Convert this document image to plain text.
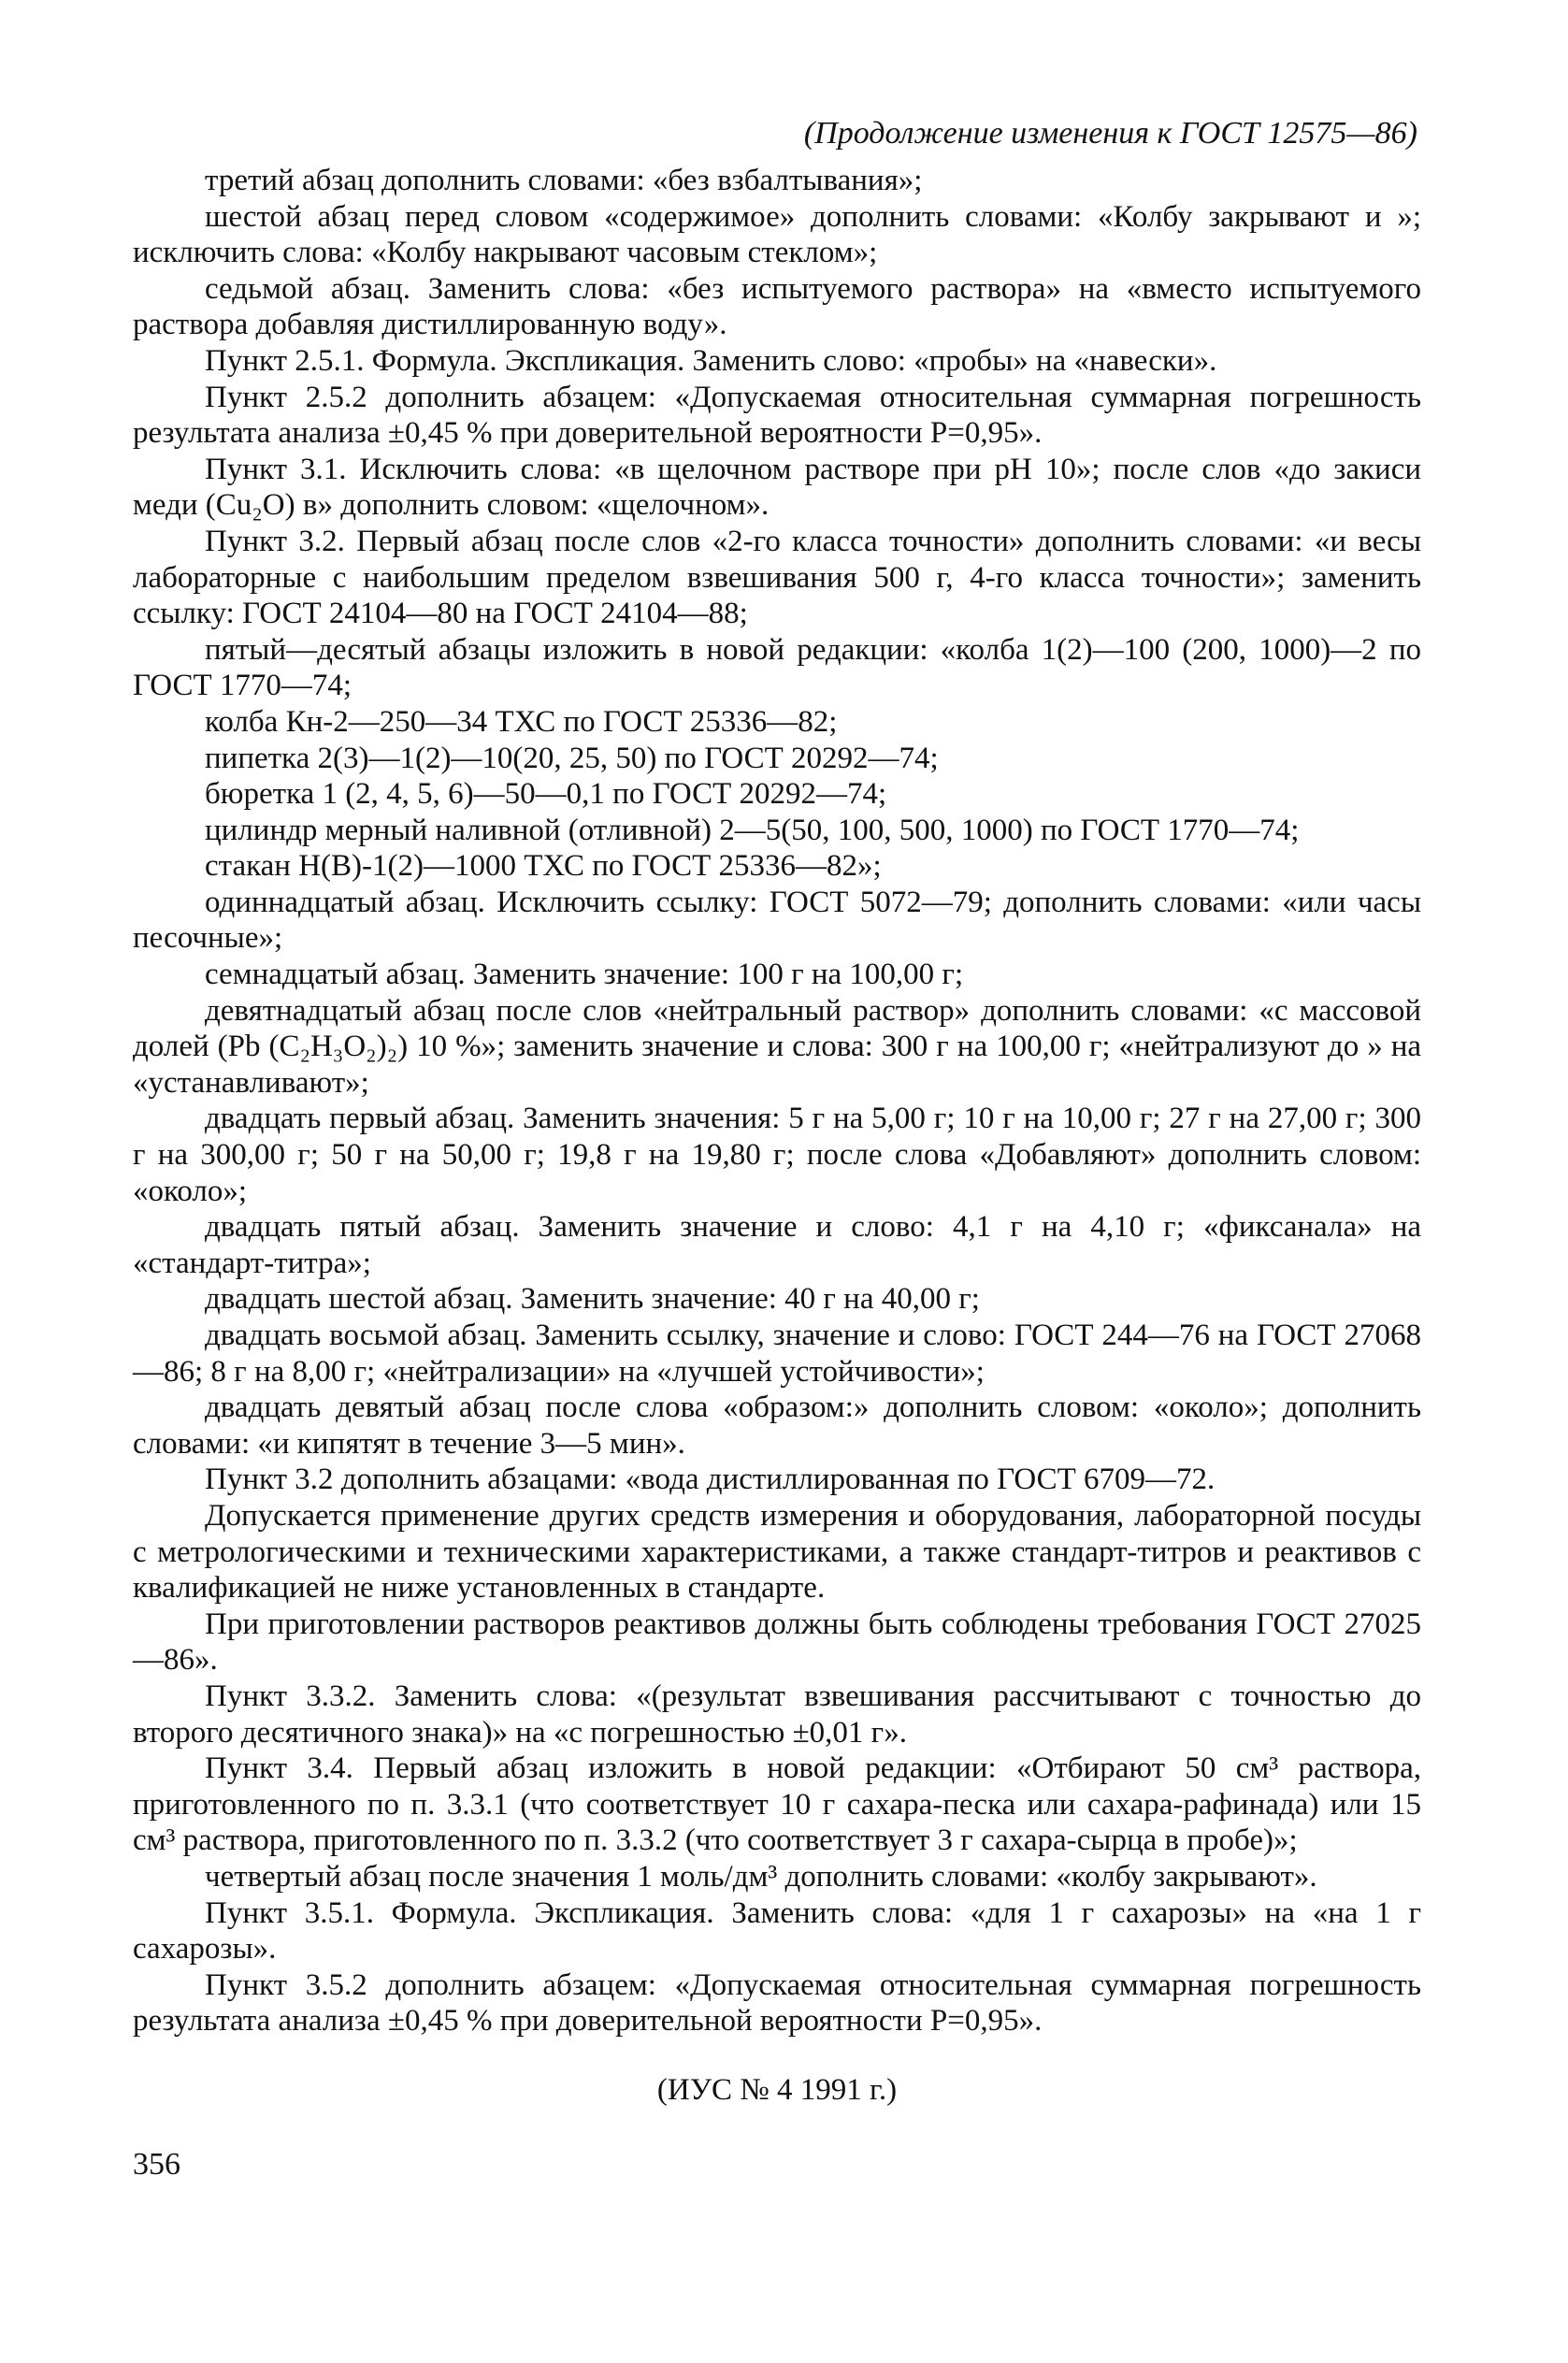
(Продолжение изменения к ГОСТ 12575—86)

третий абзац дополнить словами: «без взбалтывания»;

шестой абзац перед словом «содержимое» дополнить словами: «Колбу закрывают и »; исключить слова: «Колбу накрывают часовым стеклом»;

седьмой абзац. Заменить слова: «без испытуемого раствора» на «вместо испытуемого раствора добавляя дистиллированную воду».

Пункт 2.5.1. Формула. Экспликация. Заменить слово: «пробы» на «навески».

Пункт 2.5.2 дополнить абзацем: «Допускаемая относительная суммарная погрешность результата анализа ±0,45 % при доверительной вероятности P=0,95».

Пункт 3.1. Исключить слова: «в щелочном растворе при pH 10»; после слов «до закиси меди (Cu₂O) в» дополнить словом: «щелочном».

Пункт 3.2. Первый абзац после слов «2-го класса точности» дополнить словами: «и весы лабораторные с наибольшим пределом взвешивания 500 г, 4-го класса точности»; заменить ссылку: ГОСТ 24104—80 на ГОСТ 24104—88;

пятый—десятый абзацы изложить в новой редакции: «колба 1(2)—100 (200, 1000)—2 по ГОСТ 1770—74;

колба Кн-2—250—34 ТХС по ГОСТ 25336—82;

пипетка 2(3)—1(2)—10(20, 25, 50) по ГОСТ 20292—74;

бюретка 1 (2, 4, 5, 6)—50—0,1 по ГОСТ 20292—74;

цилиндр мерный наливной (отливной) 2—5(50, 100, 500, 1000) по ГОСТ 1770—74;

стакан Н(В)-1(2)—1000 ТХС по ГОСТ 25336—82»;

одиннадцатый абзац. Исключить ссылку: ГОСТ 5072—79; дополнить словами: «или часы песочные»;

семнадцатый абзац. Заменить значение: 100 г на 100,00 г;

девятнадцатый абзац после слов «нейтральный раствор» дополнить словами: «с массовой долей (Pb (C₂H₃O₂)₂) 10 %»; заменить значение и слова: 300 г на 100,00 г; «нейтрализуют до » на «устанавливают»;

двадцать первый абзац. Заменить значения: 5 г на 5,00 г; 10 г на 10,00 г; 27 г на 27,00 г; 300 г на 300,00 г; 50 г на 50,00 г; 19,8 г на 19,80 г; после слова «Добавляют» дополнить словом: «около»;

двадцать пятый абзац. Заменить значение и слово: 4,1 г на 4,10 г; «фиксанала» на «стандарт-титра»;

двадцать шестой абзац. Заменить значение: 40 г на 40,00 г;

двадцать восьмой абзац. Заменить ссылку, значение и слово: ГОСТ 244—76 на ГОСТ 27068—86; 8 г на 8,00 г; «нейтрализации» на «лучшей устойчивости»;

двадцать девятый абзац после слова «образом:» дополнить словом: «около»; дополнить словами: «и кипятят в течение 3—5 мин».

Пункт 3.2 дополнить абзацами: «вода дистиллированная по ГОСТ 6709—72.

Допускается применение других средств измерения и оборудования, лабораторной посуды с метрологическими и техническими характеристиками, а также стандарт-титров и реактивов с квалификацией не ниже установленных в стандарте.

При приготовлении растворов реактивов должны быть соблюдены требования ГОСТ 27025—86».

Пункт 3.3.2. Заменить слова: «(результат взвешивания рассчитывают с точностью до второго десятичного знака)» на «с погрешностью ±0,01 г».

Пункт 3.4. Первый абзац изложить в новой редакции: «Отбирают 50 см³ раствора, приготовленного по п. 3.3.1 (что соответствует 10 г сахара-песка или сахара-рафинада) или 15 см³ раствора, приготовленного по п. 3.3.2 (что соответствует 3 г сахара-сырца в пробе)»;

четвертый абзац после значения 1 моль/дм³ дополнить словами: «колбу закрывают».

Пункт 3.5.1. Формула. Экспликация. Заменить слова: «для 1 г сахарозы» на «на 1 г сахарозы».

Пункт 3.5.2 дополнить абзацем: «Допускаемая относительная суммарная погрешность результата анализа ±0,45 % при доверительной вероятности P=0,95».

(ИУС № 4 1991 г.)
356
